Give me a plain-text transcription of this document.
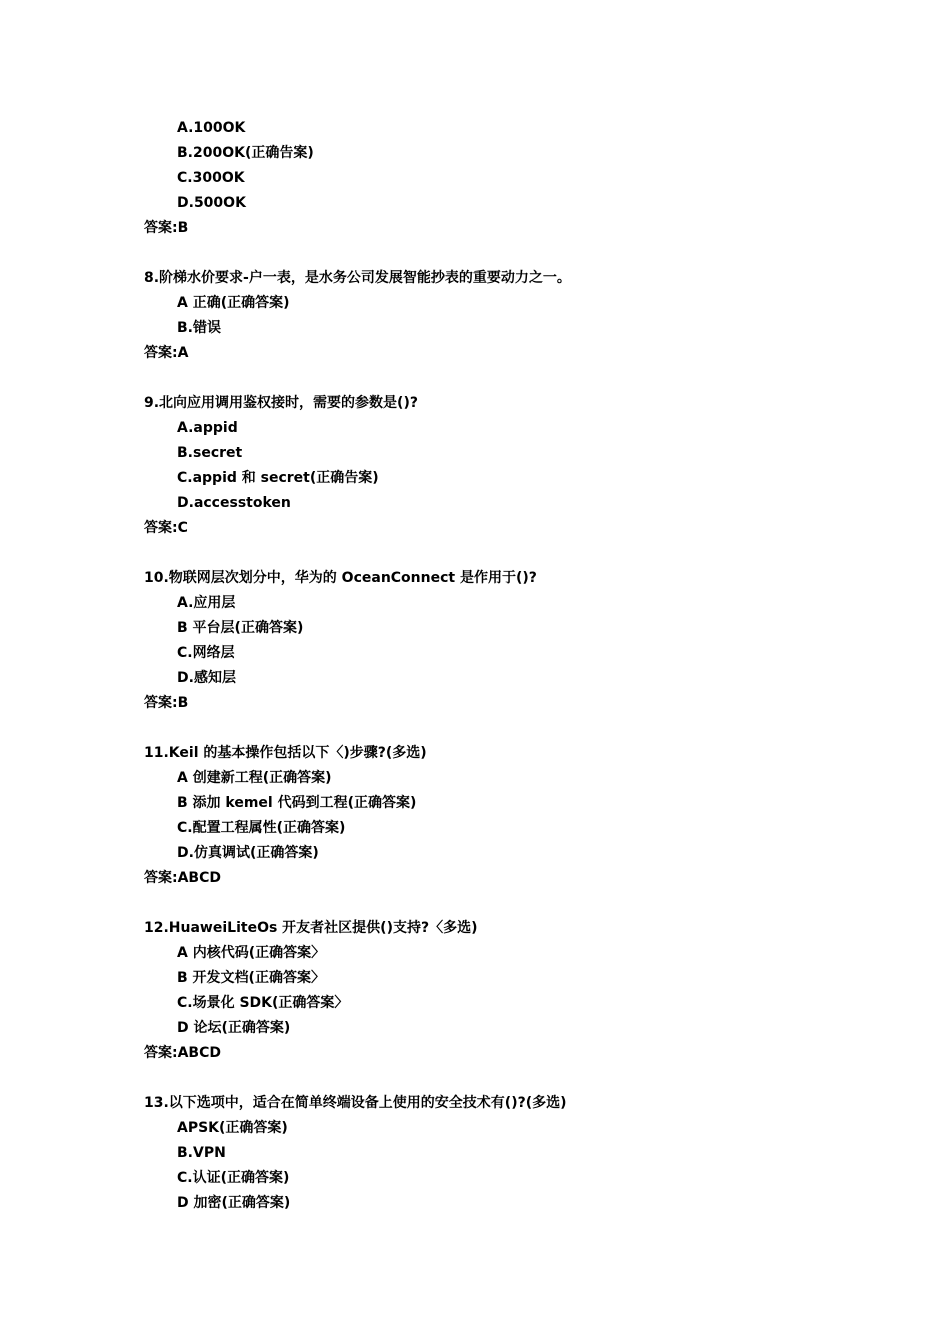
A.100OK
B.200OK(正确告案)
C.300OK
D.500OK
答案:B
8.阶梯水价要求-户一表，是水务公司发展智能抄表的重要动力之一。
A 正确(正确答案)
B.错误
答案:A
9.北向应用调用鉴权接时，需要的参数是()?
A.appid
B.secret
C.appid 和 secret(正确告案)
D.accesstoken
答案:C
10.物联网层次划分中，华为的 OceanConnect 是作用于()?
A.应用层
B 平台层(正确答案)
C.网络层
D.感知层
答案:B
11.Keil 的基本操作包括以下〈)步骤?(多选)
A 创建新工程(正确答案)
B 添加 kemel 代码到工程(正确答案)
C.配置工程属性(正确答案)
D.仿真调试(正确答案)
答案:ABCD
12.HuaweiLiteOs 开友者社区提供()支持?〈多选)
A 内核代码(正确答案〉
B 开发文档(正确答案〉
C.场景化 SDK(正确答案〉
D 论坛(正确答案)
答案:ABCD
13.以下选项中，适合在简单终端设备上使用的安全技术有()?(多选)
APSK(正确答案)
B.VPN
C.认证(正确答案)
D 加密(正确答案)
